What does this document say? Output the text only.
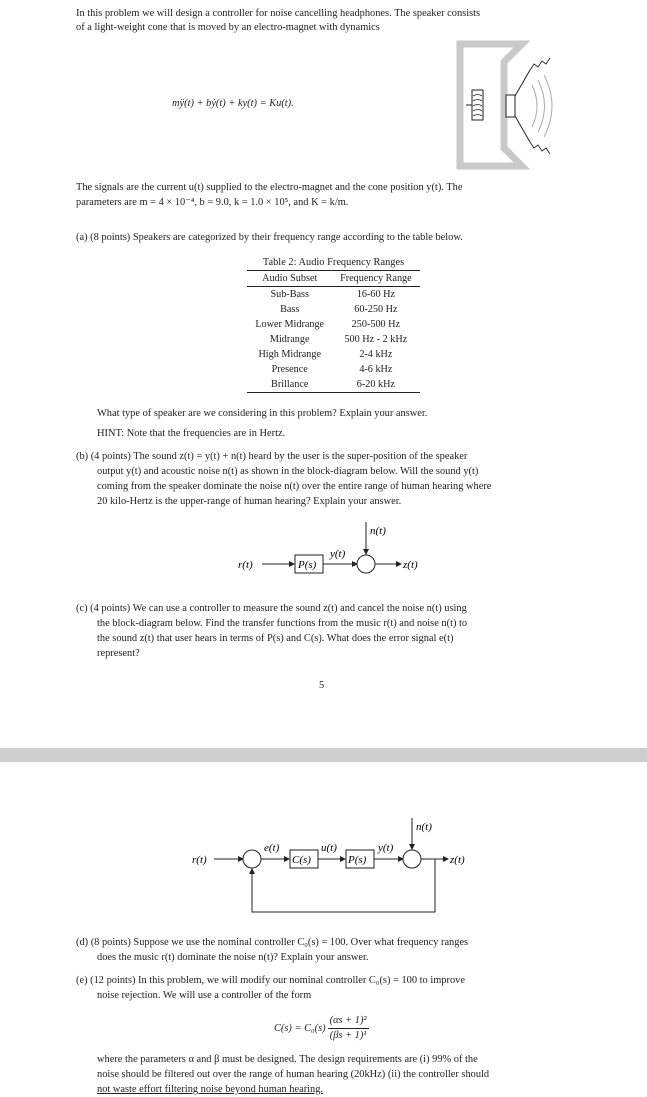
In this problem we will design a controller for noise cancelling headphones. The speaker consists
of a light-weight cone that is moved by an electro-magnet with dynamics
mÿ(t) + bẏ(t) + ky(t) = Ku(t).
The signals are the current u(t) supplied to the electro-magnet and the cone position y(t). The
parameters are m = 4 × 10⁻⁴, b = 9.0, k = 1.0 × 10⁵, and K = k/m.
(a) (8 points) Speakers are categorized by their frequency range according to the table below.
Table 2: Audio Frequency Ranges
Audio Subset	Frequency Range
Sub-Bass	16-60 Hz
Bass	60-250 Hz
Lower Midrange	250-500 Hz
Midrange	500 Hz - 2 kHz
High Midrange	2-4 kHz
Presence	4-6 kHz
Brillance	6-20 kHz
What type of speaker are we considering in this problem? Explain your answer.
HINT: Note that the frequencies are in Hertz.
(b) (4 points) The sound z(t) = y(t) + n(t) heard by the user is the super-position of the speaker
output y(t) and acoustic noise n(t) as shown in the block-diagram below. Will the sound y(t)
coming from the speaker dominate the noise n(t) over the entire range of human hearing where
20 kilo-Hertz is the upper-range of human hearing? Explain your answer.
r(t)	P(s)
y(t)
n(t)
z(t)
(c) (4 points) We can use a controller to measure the sound z(t) and cancel the noise n(t) using
the block-diagram below. Find the transfer functions from the music r(t) and noise n(t) to
the sound z(t) that user hears in terms of P(s) and C(s). What does the error signal e(t)
represent?
5
r(t)
e(t)
C(s)
u(t)
P(s)
y(t)
n(t)
z(t)
(d) (8 points) Suppose we use the nominal controller C₀(s) = 100. Over what frequency ranges
does the music r(t) dominate the noise n(t)? Explain your answer.
(e) (12 points) In this problem, we will modify our nominal controller C₀(s) = 100 to improve
noise rejection. We will use a controller of the form
$C(s) = C_0(s) \frac{\text{(αs + 1)²}}{\text{(βs + 1)¹}}$
where the parameters α and β must be designed. The design requirements are (i) 99% of the
noise should be filtered out over the range of human hearing (20kHz) (ii) the controller should
not waste effort filtering noise beyond human hearing.
